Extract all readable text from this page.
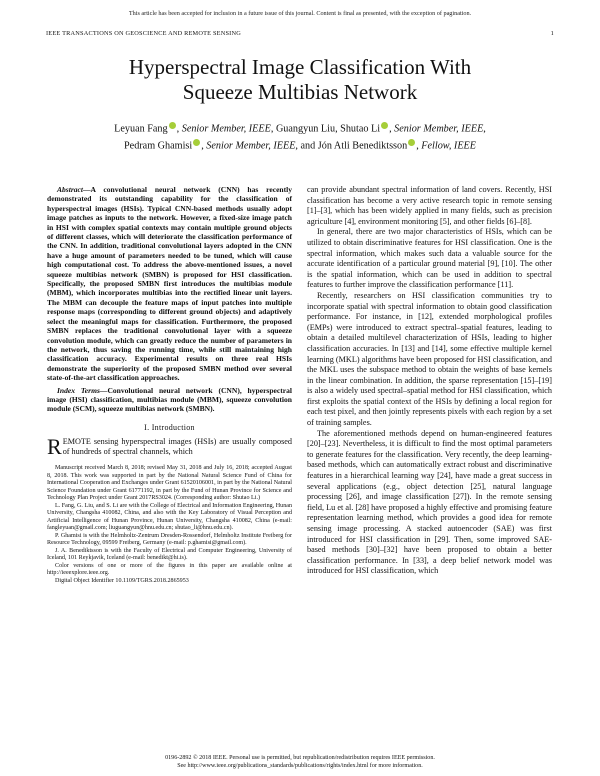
This article has been accepted for inclusion in a future issue of this journal. Content is final as presented, with the exception of pagination.
IEEE TRANSACTIONS ON GEOSCIENCE AND REMOTE SENSING	1
Hyperspectral Image Classification With
Squeeze Multibias Network
Leyuan Fang , Senior Member, IEEE, Guangyun Liu, Shutao Li , Senior Member, IEEE,
Pedram Ghamisi , Senior Member, IEEE, and Jón Atli Benediktsson , Fellow, IEEE

Abstract—A convolutional neural network (CNN) has recently demonstrated its outstanding capability for the classification of hyperspectral images (HSIs). Typical CNN-based methods usually adopt image patches as inputs to the network. However, a fixed-size image patch in HSI with complex spatial contexts may contain multiple ground objects of different classes, which will deteriorate the classification performance of the CNN. In addition, traditional convolutional layers adopted in the CNN have a huge amount of parameters needed to be tuned, which will cause high computational cost. To address the above-mentioned issues, a novel squeeze multibias network (SMBN) is proposed for HSI classification. Specifically, the proposed SMBN first introduces the multibias module (MBM), which incorporates multibias into the rectified linear unit layers. The MBM can decouple the feature maps of input patches into multiple response maps (corresponding to different ground objects) and adaptively select the meaningful maps for classification. Furthermore, the proposed SMBN replaces the traditional convolutional layer with a squeeze convolution module, which can greatly reduce the number of parameters in the network, thus saving the running time, while still maintaining high classification accuracy. Experimental results on three real HSIs demonstrate the superiority of the proposed SMBN method over several state-of-the-art classification approaches.

Index Terms—Convolutional neural network (CNN), hyperspectral image (HSI) classification, multibias module (MBM), squeeze convolution module (SCM), squeeze multibias network (SMBN).

I. Introduction

REMOTE sensing hyperspectral images (HSIs) are usually composed of hundreds of spectral channels, which

Manuscript received March 8, 2018; revised May 31, 2018 and July 16, 2018; accepted August 8, 2018. This work was supported in part by the National Natural Science Fund of China for International Cooperation and Exchanges under Grant 61520106001, in part by the National Natural Science Foundation under Grant 61771192, in part by the Fund of Hunan Province for Science and Technology Plan Project under Grant 2017RS3024. (Corresponding author: Shutao Li.)

L. Fang, G. Liu, and S. Li are with the College of Electrical and Information Engineering, Hunan University, Changsha 410082, China, and also with the Key Laboratory of Visual Perception and Artificial Intelligence of Hunan Province, Hunan University, Changsha 410082, China (e-mail: fangleyuan@gmail.com; liuguangyun@hnu.edu.cn; shutao_li@hnu.edu.cn).

P. Ghamisi is with the Helmholtz-Zentrum Dresden-Rossendorf, Helmholtz Institute Freiberg for Resource Technology, 09599 Freiberg, Germany (e-mail: p.ghamisi@gmail.com).

J. A. Benediktsson is with the Faculty of Electrical and Computer Engineering, University of Iceland, 101 Reykjavik, Iceland (e-mail: benedikt@hi.is).

Color versions of one or more of the figures in this paper are available online at http://ieeexplore.ieee.org.

Digital Object Identifier 10.1109/TGRS.2018.2865953

can provide abundant spectral information of land covers. Recently, HSI classification has become a very active research topic in remote sensing [1]–[3], which has been widely applied in many fields, such as precision agriculture [4], environment monitoring [5], and other fields [6]–[8].

In general, there are two major characteristics of HSIs, which can be utilized to obtain discriminative features for HSI classification. One is the spectral information, which makes such data a valuable source for the accurate identification of a particular ground material [9], [10]. The other is the spatial information, which can be used in addition to spectral features to further improve the classification performance [11].

Recently, researchers on HSI classification communities try to incorporate spatial with spectral information to obtain good classification performance. For instance, in [12], extended morphological profiles (EMPs) were introduced to extract spectral–spatial features, leading to obtain a detailed multilevel characterization of HSIs, leading to higher classification accuracies. In [13] and [14], some effective multiple kernel learning (MKL) algorithms have been proposed for HSI classification, and the MKL uses the subspace method to obtain the weights of base kernels in the linear combination. In addition, the sparse representation [15]–[19] is also a widely used spectral–spatial method for HSI classification, which first exploits the spatial context of the HSIs by defining a local region for each test pixel, and then jointly represents pixels with each region by a set of training samples.

The aforementioned methods depend on human-engineered features [20]–[23]. Nevertheless, it is difficult to find the most optimal parameters to generate features for the classification. Very recently, the deep learning-based methods, which can automatically extract robust and discriminative features in a hierarchical learning way [24], have made a great success in several applications (e.g., object detection [25], natural language processing [26], and image classification [27]). In the remote sensing field, Lu et al. [28] have proposed a highly effective and promising feature representation learning method, which provides a good idea for remote sensing image processing. A stacked autoencoder (SAE) was first introduced for HSI classification in [29]. Then, some improved SAE-based methods [30]–[32] have been proposed to obtain a better classification performance. In [33], a deep belief network model was introduced for HSI classification, which

0196-2892 © 2018 IEEE. Personal use is permitted, but republication/redistribution requires IEEE permission.
See http://www.ieee.org/publications_standards/publications/rights/index.html for more information.
